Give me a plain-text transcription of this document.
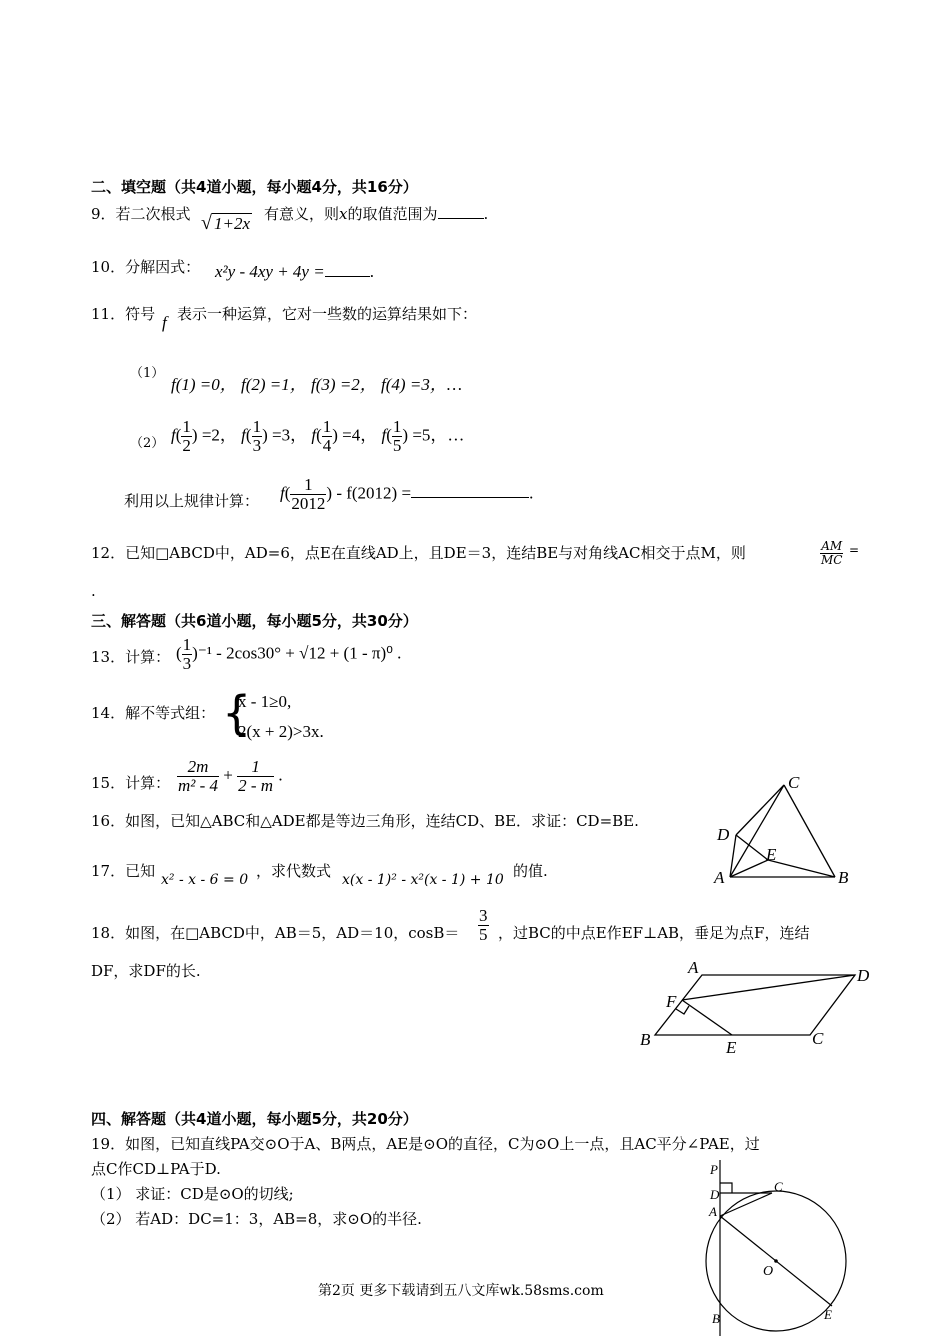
二、填空题（共4道小题，每小题4分，共16分）
9．若二次根式 √ 1+2x 有意义，则x的取值范围为	.
10．分解因式： x²y - 4xy + 4y =	.
11．符号 f 表示一种运算，它对一些数的运算结果如下：
（1）
f(1) =0， f(2) =1， f(3) =2， f(4) =3，…
（2） $f( \frac{1}{2}$ ) =2， $f( \frac{1}{3}$ ) =3， $f( \frac{1}{4}$ ) =4， $f( \frac{1}{5}$ ) =5，…
利用以上规律计算： $f( \frac{1}{2012}$ ) - f(2012) =	.
12．已知□ABCD中，AD=6，点E在直线AD上，且DE＝3，连结BE与对角线AC相交于点M，则	$\frac{AM}{MC}$ =
.
三、解答题（共6道小题，每小题5分，共30分）
13．计算： ( $\frac{1}{3} )^{-1} - 2\cos 30^\circ + √12 + (1 - \pi)^0$ .
14．解不等式组： {
x - 1≥0,
2(x + 2)>3x.
15．计算： $\frac{2m}{\text{m² - 4}} + \frac{1}{2 - m}$ .
16．如图，已知△ABC和△ADE都是等边三角形，连结CD、BE．求证：CD=BE.
17．已知 x² - x - 6 = 0 ，求代数式 x(x - 1)² - x²(x - 1) + 10 的值.
18．如图，在□ABCD中，AB＝5，AD＝10，$\cos B= \frac{3}{5}$ ，过BC的中点E作EF⊥AB，垂足为点F，连结
DF，求DF的长.
四、解答题（共4道小题，每小题5分，共20分）
19．如图，已知直线PA交⊙O于A、B两点，AE是⊙O的直径，C为⊙O上一点，且AC平分∠PAE，过
点C作CD⊥PA于D.
（1） 求证：CD是⊙O的切线;
（2） 若AD：DC=1：3，AB=8，求⊙O的半径.
C
D
E
A	B
A	D
F
B	E	C
P
D
C
A
O
B	E
第2页 更多下载请到五八文库wk.58sms.com
